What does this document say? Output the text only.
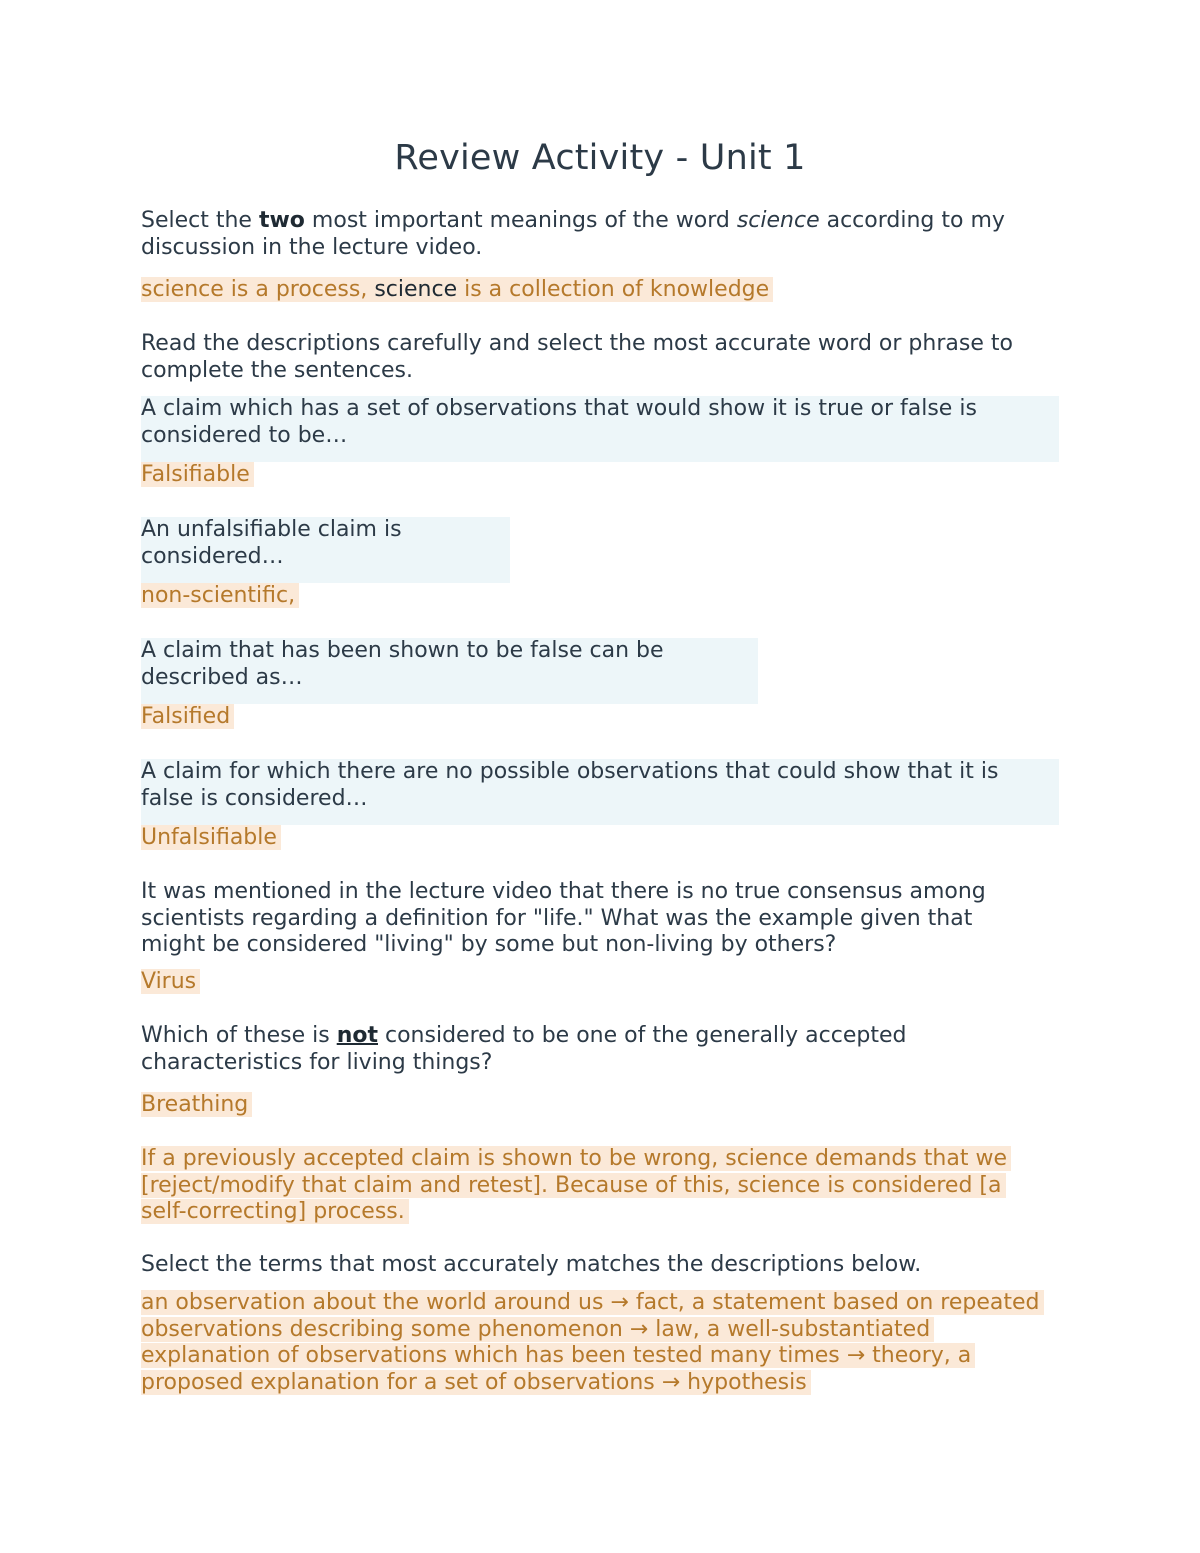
Review Activity - Unit 1
Select the two most important meanings of the word science according to my discussion in the lecture video.
science is a process, science is a collection of knowledge
Read the descriptions carefully and select the most accurate word or phrase to complete the sentences.
A claim which has a set of observations that would show it is true or false is considered to be…
Falsifiable
An unfalsifiable claim is considered…
non-scientific,
A claim that has been shown to be false can be described as…
Falsified
A claim for which there are no possible observations that could show that it is false is considered…
Unfalsifiable
It was mentioned in the lecture video that there is no true consensus among scientists regarding a definition for "life." What was the example given that might be considered "living" by some but non-living by others?
Virus
Which of these is not considered to be one of the generally accepted characteristics for living things?
Breathing
If a previously accepted claim is shown to be wrong, science demands that we [reject/modify that claim and retest]. Because of this, science is considered [a self-correcting] process.
Select the terms that most accurately matches the descriptions below.
an observation about the world around us → fact, a statement based on repeated observations describing some phenomenon → law, a well-substantiated explanation of observations which has been tested many times → theory, a proposed explanation for a set of observations → hypothesis
